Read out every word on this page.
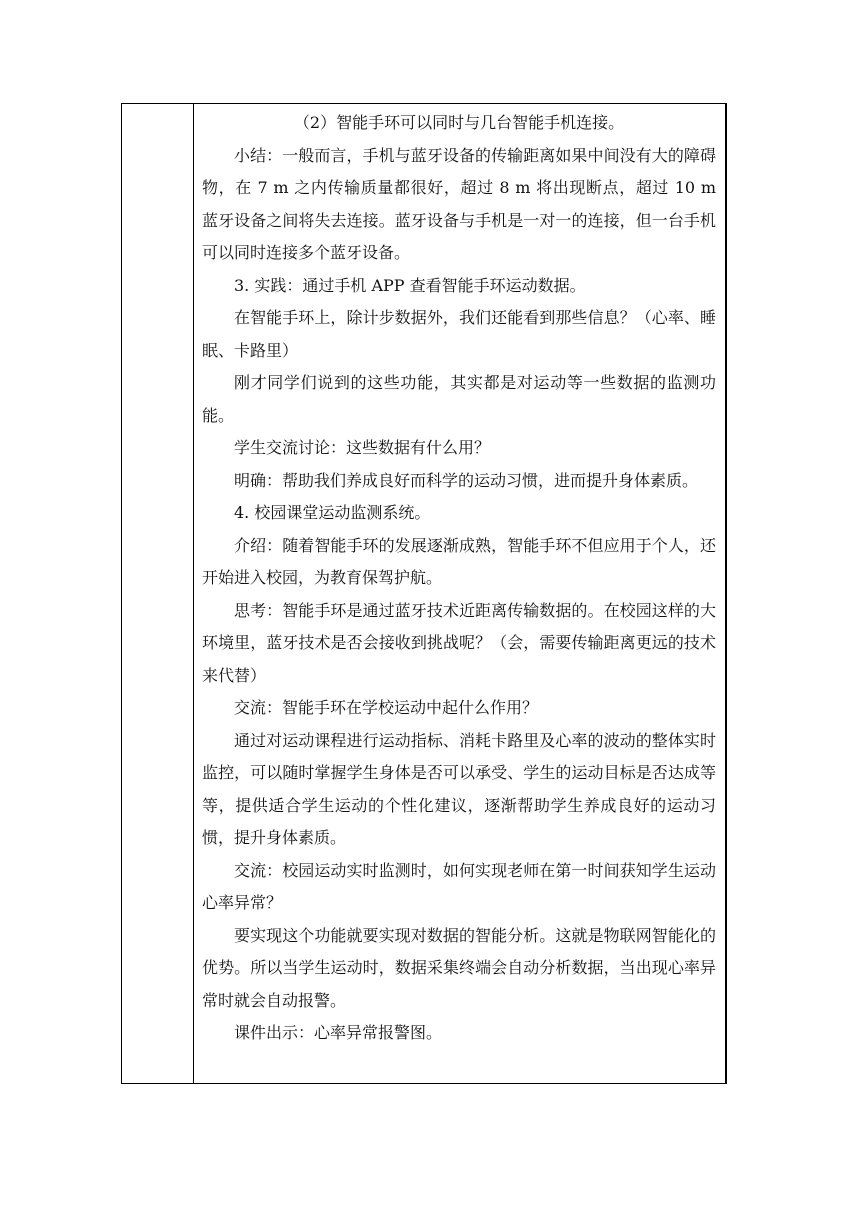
（2）智能手环可以同时与几台智能手机连接。

小结：一般而言，手机与蓝牙设备的传输距离如果中间没有大的障碍物，在 7 m 之内传输质量都很好，超过 8 m 将出现断点，超过 10 m 蓝牙设备之间将失去连接。蓝牙设备与手机是一对一的连接，但一台手机可以同时连接多个蓝牙设备。

3. 实践：通过手机 APP 查看智能手环运动数据。

在智能手环上，除计步数据外，我们还能看到那些信息？（心率、睡眠、卡路里）

刚才同学们说到的这些功能，其实都是对运动等一些数据的监测功能。

学生交流讨论：这些数据有什么用？

明确：帮助我们养成良好而科学的运动习惯，进而提升身体素质。

4. 校园课堂运动监测系统。

介绍：随着智能手环的发展逐渐成熟，智能手环不但应用于个人，还开始进入校园，为教育保驾护航。

思考：智能手环是通过蓝牙技术近距离传输数据的。在校园这样的大环境里，蓝牙技术是否会接收到挑战呢？（会，需要传输距离更远的技术来代替）

交流：智能手环在学校运动中起什么作用？

通过对运动课程进行运动指标、消耗卡路里及心率的波动的整体实时监控，可以随时掌握学生身体是否可以承受、学生的运动目标是否达成等等，提供适合学生运动的个性化建议，逐渐帮助学生养成良好的运动习惯，提升身体素质。

交流：校园运动实时监测时，如何实现老师在第一时间获知学生运动心率异常？

要实现这个功能就要实现对数据的智能分析。这就是物联网智能化的优势。所以当学生运动时，数据采集终端会自动分析数据，当出现心率异常时就会自动报警。

课件出示：心率异常报警图。
